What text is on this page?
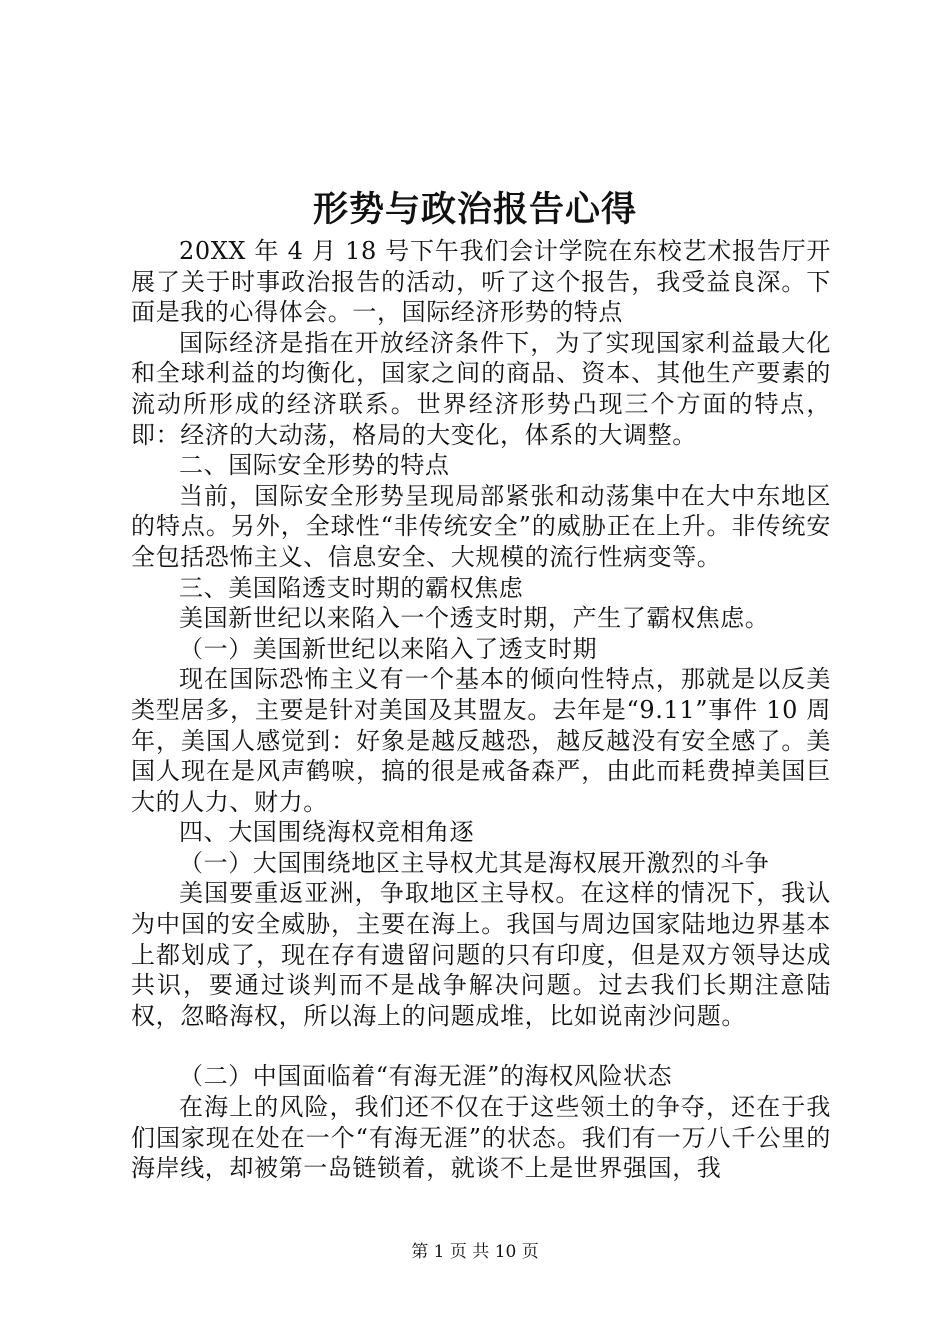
形势与政治报告心得

20XX 年 4 月 18 号下午我们会计学院在东校艺术报告厅开展了关于时事政治报告的活动，听了这个报告，我受益良深。下面是我的心得体会。一，国际经济形势的特点

国际经济是指在开放经济条件下，为了实现国家利益最大化和全球利益的均衡化，国家之间的商品、资本、其他生产要素的流动所形成的经济联系。世界经济形势凸现三个方面的特点，即：经济的大动荡，格局的大变化，体系的大调整。

二、国际安全形势的特点

当前，国际安全形势呈现局部紧张和动荡集中在大中东地区的特点。另外，全球性“非传统安全”的威胁正在上升。非传统安全包括恐怖主义、信息安全、大规模的流行性病变等。

三、美国陷透支时期的霸权焦虑

美国新世纪以来陷入一个透支时期，产生了霸权焦虑。

（一）美国新世纪以来陷入了透支时期

现在国际恐怖主义有一个基本的倾向性特点，那就是以反美类型居多，主要是针对美国及其盟友。去年是“9.11”事件 10 周年，美国人感觉到：好象是越反越恐，越反越没有安全感了。美国人现在是风声鹤唳，搞的很是戒备森严，由此而耗费掉美国巨大的人力、财力。

四、大国围绕海权竞相角逐

（一）大国围绕地区主导权尤其是海权展开激烈的斗争

美国要重返亚洲，争取地区主导权。在这样的情况下，我认为中国的安全威胁，主要在海上。我国与周边国家陆地边界基本上都划成了，现在存有遗留问题的只有印度，但是双方领导达成共识，要通过谈判而不是战争解决问题。过去我们长期注意陆权，忽略海权，所以海上的问题成堆，比如说南沙问题。

（二）中国面临着“有海无涯”的海权风险状态

在海上的风险，我们还不仅在于这些领土的争夺，还在于我们国家现在处在一个“有海无涯”的状态。我们有一万八千公里的海岸线，却被第一岛链锁着，就谈不上是世界强国，我

第 1 页 共 10 页
